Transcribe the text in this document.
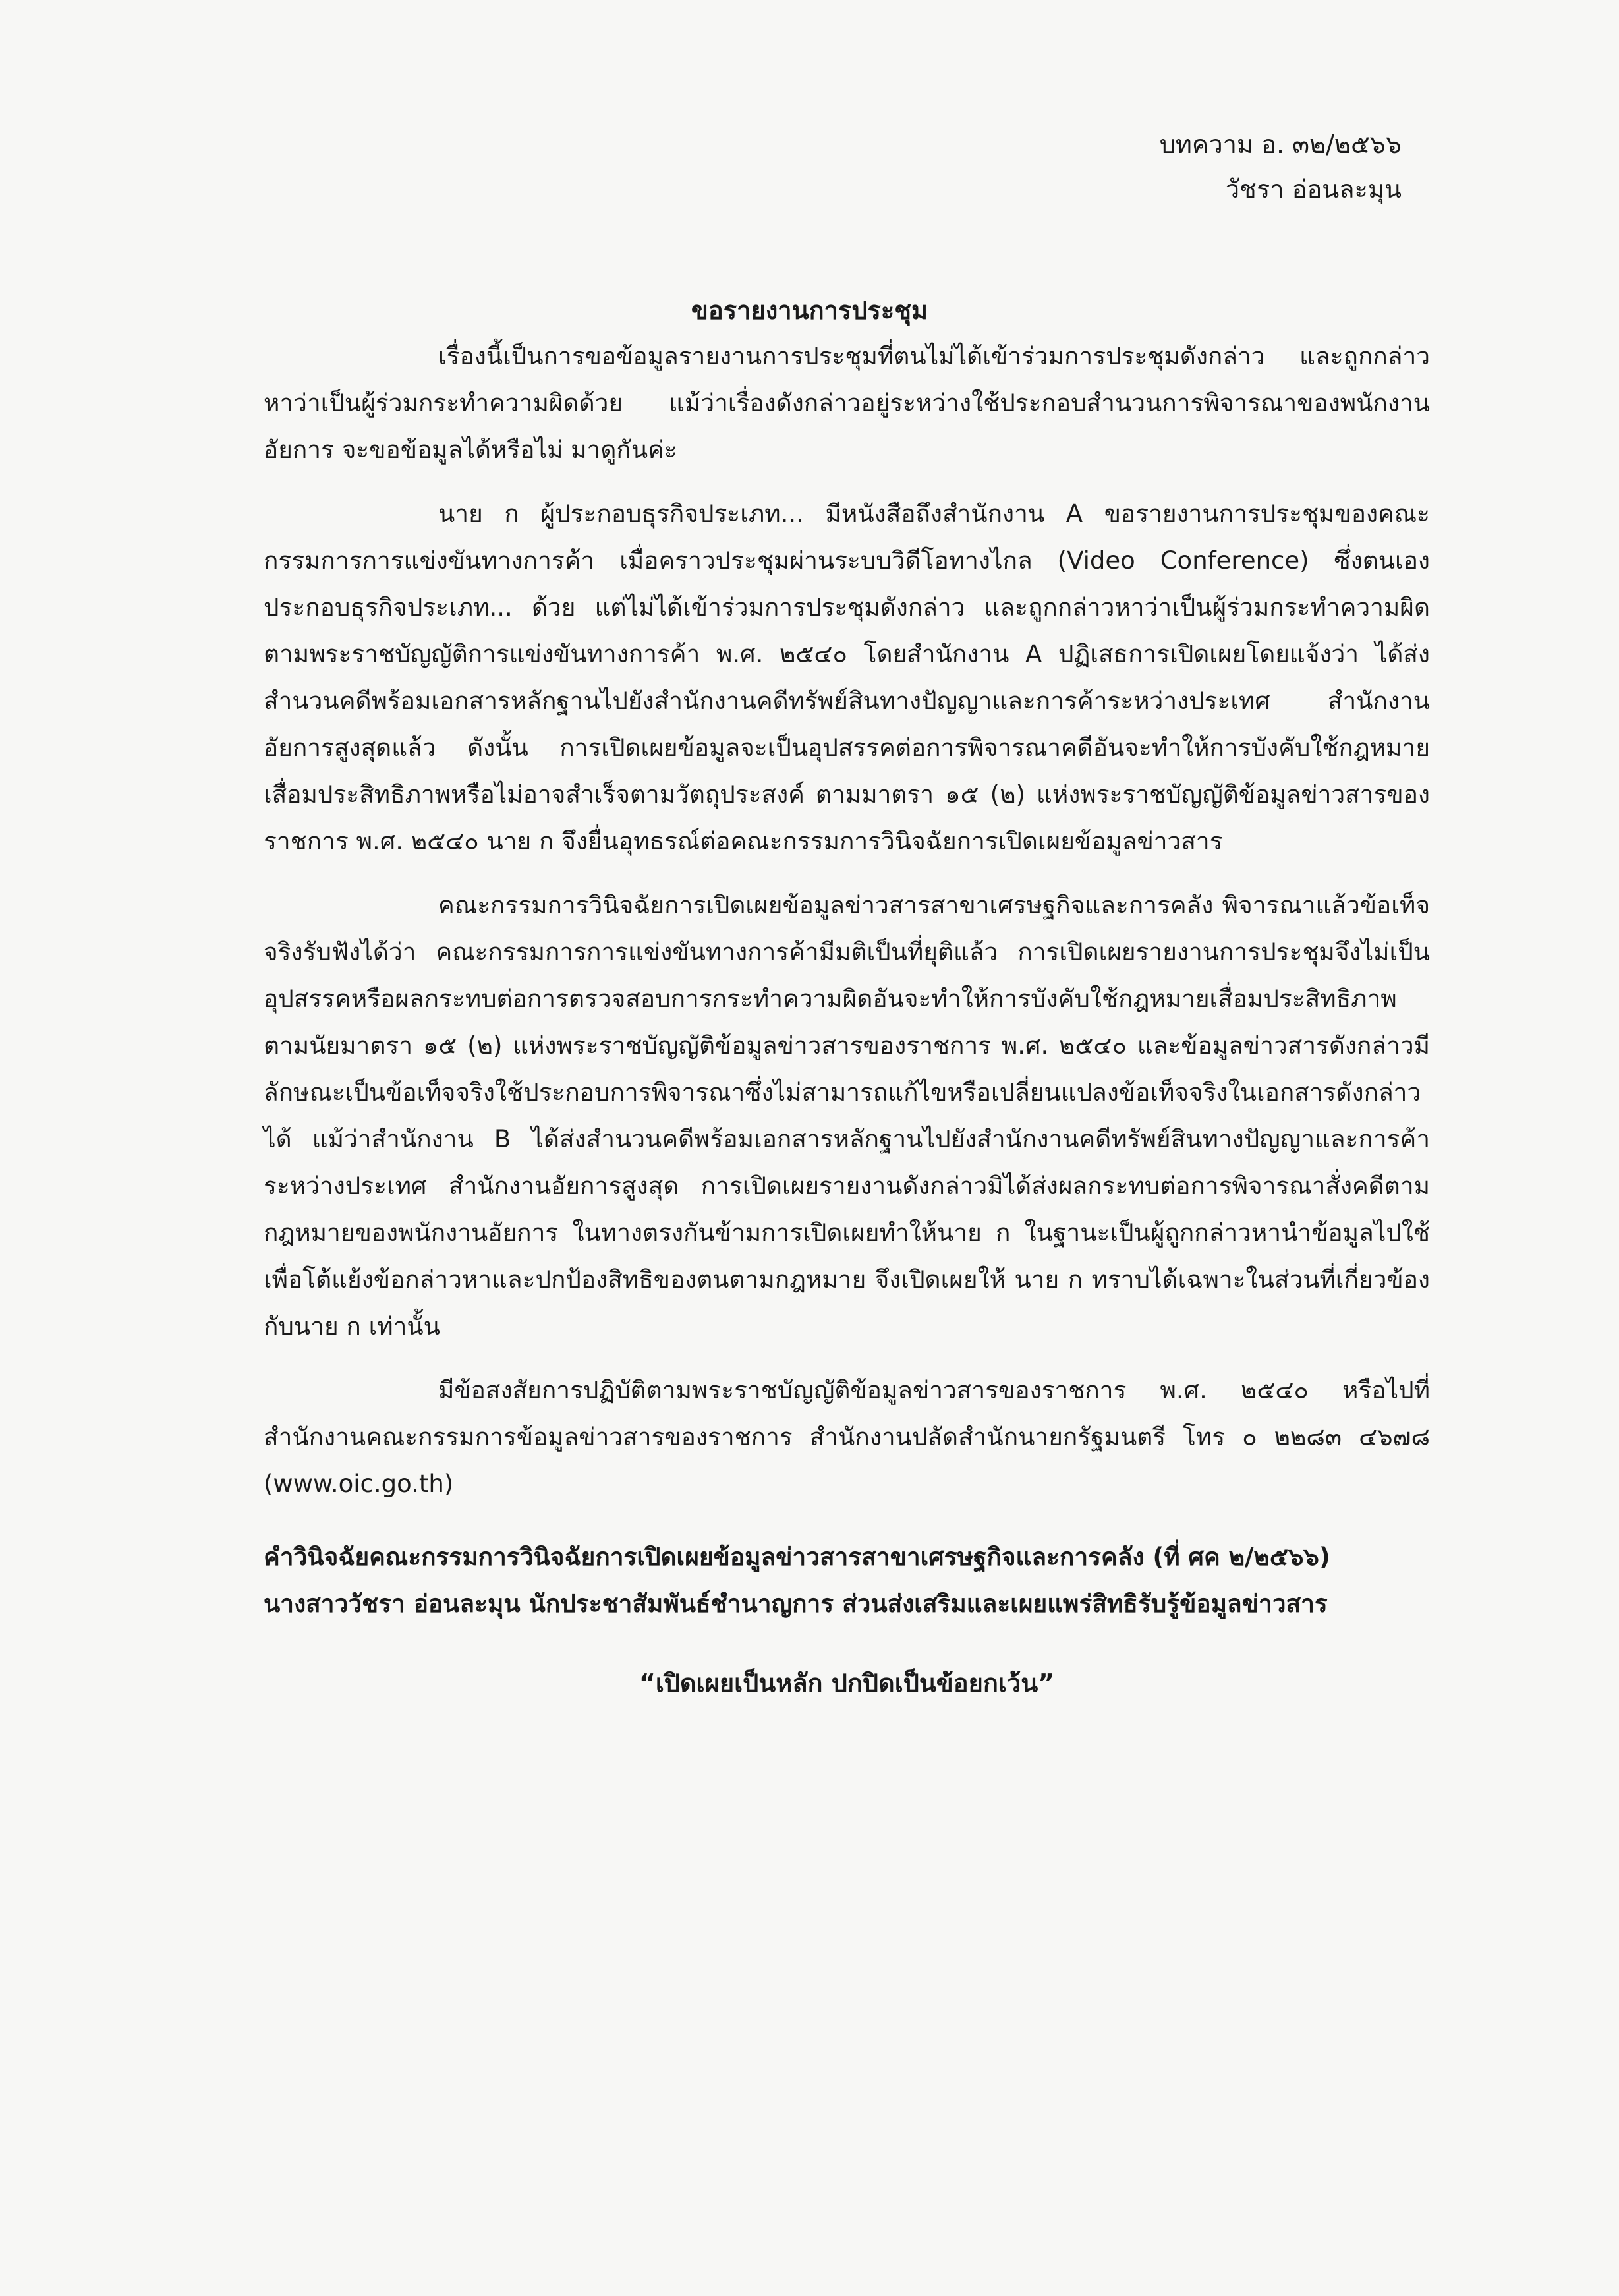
บทความ อ. ๓๒/๒๕๖๖
วัชรา อ่อนละมุน
ขอรายงานการประชุม

เรื่องนี้เป็นการขอข้อมูลรายงานการประชุมที่ตนไม่ได้เข้าร่วมการประชุมดังกล่าว และถูกกล่าวหาว่าเป็นผู้ร่วมกระทำความผิดด้วย แม้ว่าเรื่องดังกล่าวอยู่ระหว่างใช้ประกอบสำนวนการพิจารณาของพนักงานอัยการ จะขอข้อมูลได้หรือไม่ มาดูกันค่ะ

นาย ก ผู้ประกอบธุรกิจประเภท... มีหนังสือถึงสำนักงาน A ขอรายงานการประชุมของคณะกรรมการการแข่งขันทางการค้า เมื่อคราวประชุมผ่านระบบวิดีโอทางไกล (Video Conference) ซึ่งตนเองประกอบธุรกิจประเภท... ด้วย แต่ไม่ได้เข้าร่วมการประชุมดังกล่าว และถูกกล่าวหาว่าเป็นผู้ร่วมกระทำความผิดตามพระราชบัญญัติการแข่งขันทางการค้า พ.ศ. ๒๕๔๐ โดยสำนักงาน A ปฏิเสธการเปิดเผยโดยแจ้งว่า ได้ส่งสำนวนคดีพร้อมเอกสารหลักฐานไปยังสำนักงานคดีทรัพย์สินทางปัญญาและการค้าระหว่างประเทศ สำนักงานอัยการสูงสุดแล้ว ดังนั้น การเปิดเผยข้อมูลจะเป็นอุปสรรคต่อการพิจารณาคดีอันจะทำให้การบังคับใช้กฎหมายเสื่อมประสิทธิภาพหรือไม่อาจสำเร็จตามวัตถุประสงค์ ตามมาตรา ๑๕ (๒) แห่งพระราชบัญญัติข้อมูลข่าวสารของราชการ พ.ศ. ๒๕๔๐ นาย ก จึงยื่นอุทธรณ์ต่อคณะกรรมการวินิจฉัยการเปิดเผยข้อมูลข่าวสาร

คณะกรรมการวินิจฉัยการเปิดเผยข้อมูลข่าวสารสาขาเศรษฐกิจและการคลัง พิจารณาแล้วข้อเท็จจริงรับฟังได้ว่า คณะกรรมการการแข่งขันทางการค้ามีมติเป็นที่ยุติแล้ว การเปิดเผยรายงานการประชุมจึงไม่เป็นอุปสรรคหรือผลกระทบต่อการตรวจสอบการกระทำความผิดอันจะทำให้การบังคับใช้กฎหมายเสื่อมประสิทธิภาพตามนัยมาตรา ๑๕ (๒) แห่งพระราชบัญญัติข้อมูลข่าวสารของราชการ พ.ศ. ๒๕๔๐ และข้อมูลข่าวสารดังกล่าวมีลักษณะเป็นข้อเท็จจริงใช้ประกอบการพิจารณาซึ่งไม่สามารถแก้ไขหรือเปลี่ยนแปลงข้อเท็จจริงในเอกสารดังกล่าวได้ แม้ว่าสำนักงาน B ได้ส่งสำนวนคดีพร้อมเอกสารหลักฐานไปยังสำนักงานคดีทรัพย์สินทางปัญญาและการค้าระหว่างประเทศ สำนักงานอัยการสูงสุด การเปิดเผยรายงานดังกล่าวมิได้ส่งผลกระทบต่อการพิจารณาสั่งคดีตามกฎหมายของพนักงานอัยการ ในทางตรงกันข้ามการเปิดเผยทำให้นาย ก ในฐานะเป็นผู้ถูกกล่าวหานำข้อมูลไปใช้เพื่อโต้แย้งข้อกล่าวหาและปกป้องสิทธิของตนตามกฎหมาย จึงเปิดเผยให้ นาย ก ทราบได้เฉพาะในส่วนที่เกี่ยวข้องกับนาย ก เท่านั้น

มีข้อสงสัยการปฏิบัติตามพระราชบัญญัติข้อมูลข่าวสารของราชการ พ.ศ. ๒๕๔๐ หรือไปที่สำนักงานคณะกรรมการข้อมูลข่าวสารของราชการ สำนักงานปลัดสำนักนายกรัฐมนตรี โทร ๐ ๒๒๘๓ ๔๖๗๘ (www.oic.go.th)

คำวินิจฉัยคณะกรรมการวินิจฉัยการเปิดเผยข้อมูลข่าวสารสาขาเศรษฐกิจและการคลัง (ที่ ศค ๒/๒๕๖๖)

นางสาววัชรา อ่อนละมุน นักประชาสัมพันธ์ชำนาญการ ส่วนส่งเสริมและเผยแพร่สิทธิรับรู้ข้อมูลข่าวสาร

“เปิดเผยเป็นหลัก ปกปิดเป็นข้อยกเว้น”
